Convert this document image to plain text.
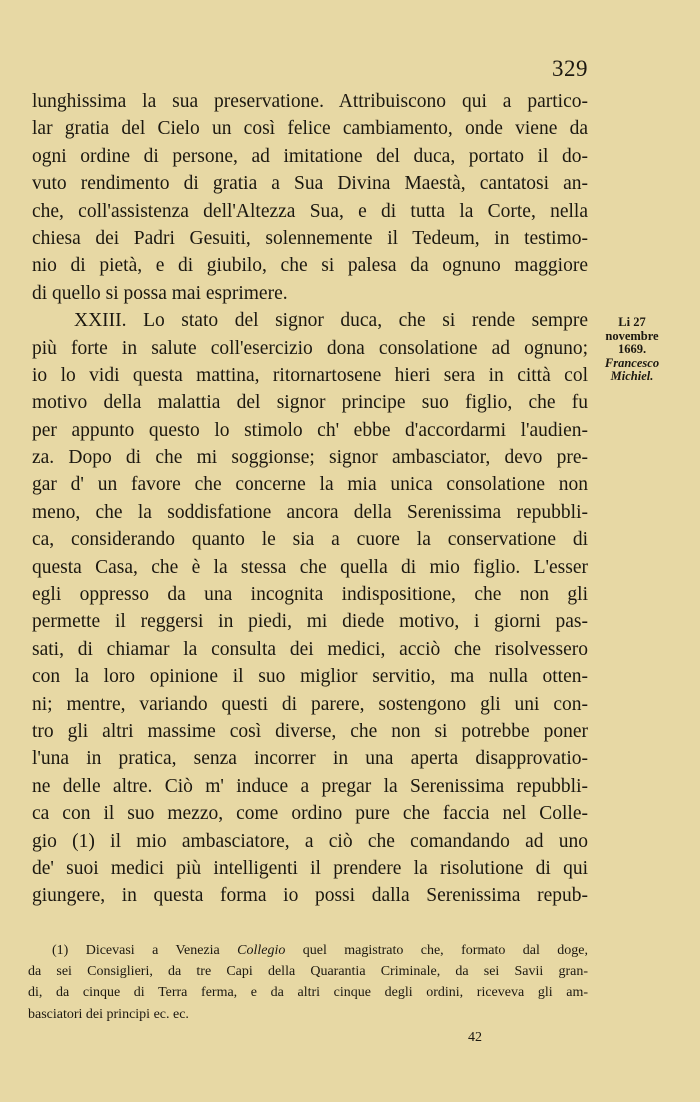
329
lunghissima la sua preservatione. Attribuiscono qui a partico-
lar gratia del Cielo un così felice cambiamento, onde viene da
ogni ordine di persone, ad imitatione del duca, portato il do-
vuto rendimento di gratia a Sua Divina Maestà, cantatosi an-
che, coll'assistenza dell'Altezza Sua, e di tutta la Corte, nella
chiesa dei Padri Gesuiti, solennemente il Tedeum, in testimo-
nio di pietà, e di giubilo, che si palesa da ognuno maggiore
di quello si possa mai esprimere.
XXIII. Lo stato del signor duca, che si rende sempre
più forte in salute coll'esercizio dona consolatione ad ognuno;
io lo vidi questa mattina, ritornartosene hieri sera in città col
motivo della malattia del signor principe suo figlio, che fu
per appunto questo lo stimolo ch' ebbe d'accordarmi l'audien-
za. Dopo di che mi soggionse; signor ambasciator, devo pre-
gar d' un favore che concerne la mia unica consolatione non
meno, che la soddisfatione ancora della Serenissima repubbli-
ca, considerando quanto le sia a cuore la conservatione di
questa Casa, che è la stessa che quella di mio figlio. L'esser
egli oppresso da una incognita indispositione, che non gli
permette il reggersi in piedi, mi diede motivo, i giorni pas-
sati, di chiamar la consulta dei medici, acciò che risolvessero
con la loro opinione il suo miglior servitio, ma nulla otten-
ni; mentre, variando questi di parere, sostengono gli uni con-
tro gli altri massime così diverse, che non si potrebbe poner
l'una in pratica, senza incorrer in una aperta disapprovatio-
ne delle altre. Ciò m' induce a pregar la Serenissima repubbli-
ca con il suo mezzo, come ordino pure che faccia nel Colle-
gio (1) il mio ambasciatore, a ciò che comandando ad uno
de' suoi medici più intelligenti il prendere la risolutione di qui
giungere, in questa forma io possi dalla Serenissima repub-
Li 27
novembre
1669.
Francesco
Michiel.
(1) Dicevasi a Venezia Collegio quel magistrato che, formato dal doge,
da sei Consiglieri, da tre Capi della Quarantia Criminale, da sei Savii gran-
di, da cinque di Terra ferma, e da altri cinque degli ordini, riceveva gli am-
basciatori dei principi ec. ec.
42
